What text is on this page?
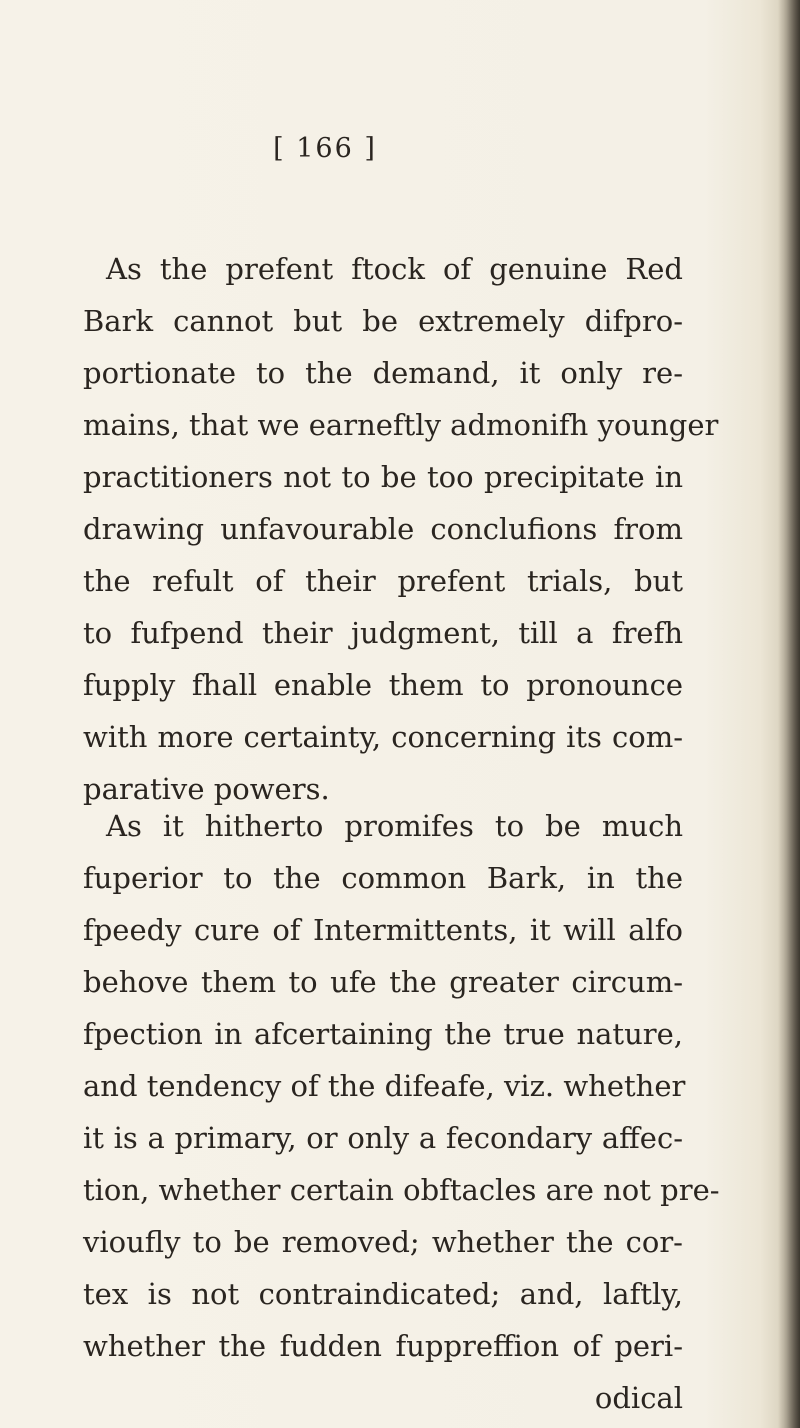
[ 166 ]

As the prefent ftock of genuine Red
Bark cannot but be extremely difpro-
portionate to the demand, it only re-
mains, that we earneftly admonifh younger
practitioners not to be too precipitate in
drawing unfavourable conclufions from
the refult of their prefent trials, but
to fufpend their judgment, till a frefh
fupply fhall enable them to pronounce
with more certainty, concerning its com-
parative powers.

As it hitherto promifes to be much
fuperior to the common Bark, in the
fpeedy cure of Intermittents, it will alfo
behove them to ufe the greater circum-
fpection in afcertaining the true nature,
and tendency of the difeafe, viz. whether
it is a primary, or only a fecondary affec-
tion, whether certain obftacles are not pre-
vioufly to be removed; whether the cor-
tex is not contraindicated; and, laftly,
whether the fudden fuppreffion of peri-
odical
